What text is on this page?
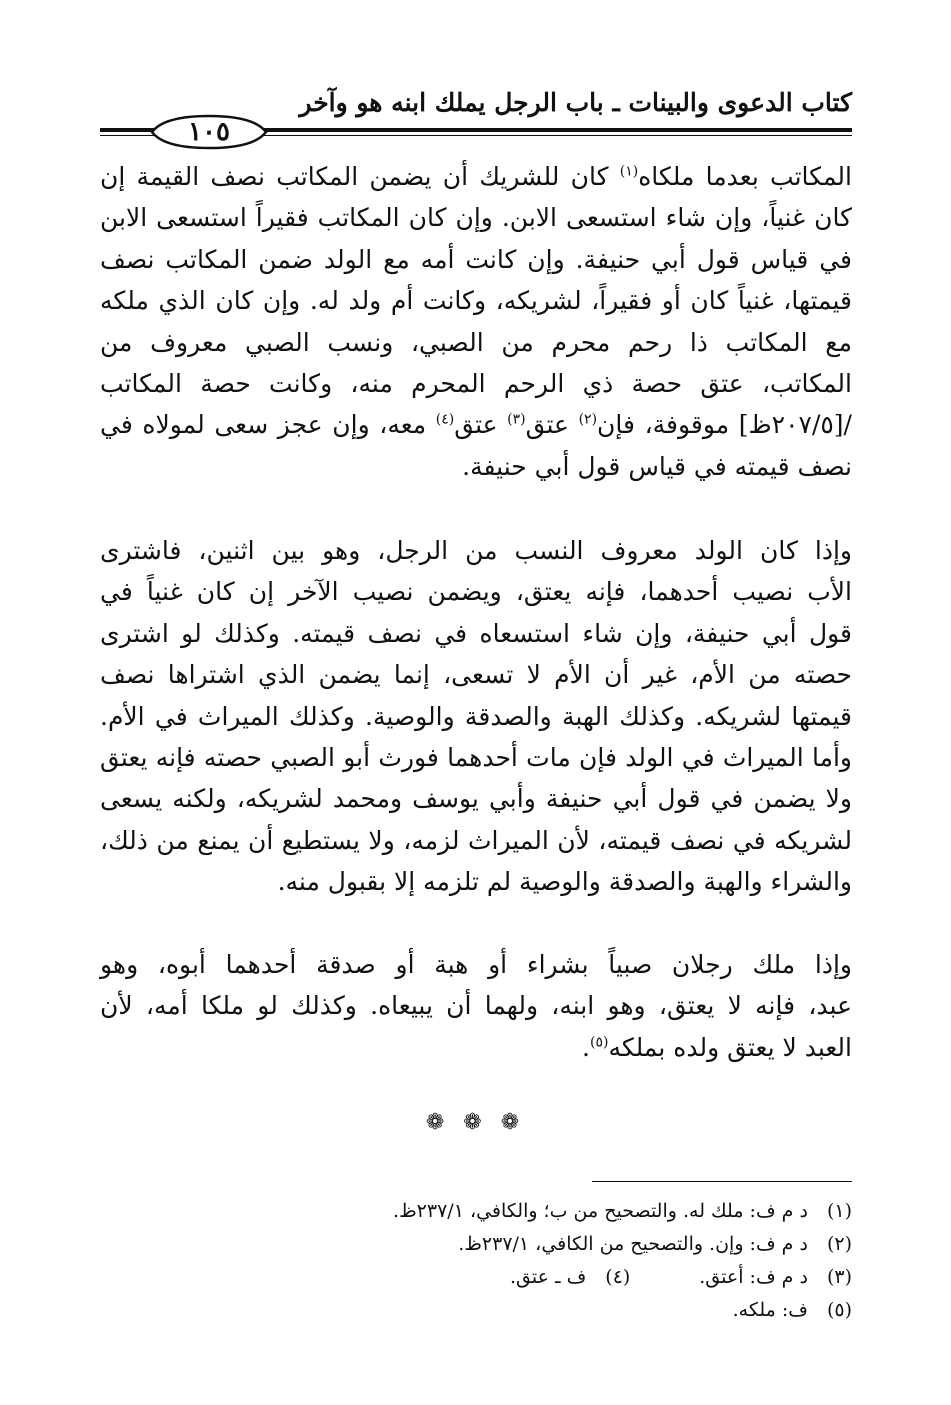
كتاب الدعوى والبينات ـ باب الرجل يملك ابنه هو وآخر
١٠٥
المكاتب بعدما ملكاه$^{(١)}$ كان للشريك أن يضمن المكاتب نصف القيمة إن
كان غنياً، وإن شاء استسعى الابن. وإن كان المكاتب فقيراً استسعى الابن
في قياس قول أبي حنيفة. وإن كانت أمه مع الولد ضمن المكاتب نصف
قيمتها، غنياً كان أو فقيراً، لشريكه، وكانت أم ولد له. وإن كان الذي ملكه
مع المكاتب ذا رحم محرم من الصبي، ونسب الصبي معروف من
المكاتب، عتق حصة ذي الرحم المحرم منه، وكانت حصة المكاتب
/[٢٠٧/٥ظ] موقوفة، فإن$^{(٢)}$ عتق$^{(٣)}$ عتق$^{(٤)}$ معه، وإن عجز سعى لمولاه في
نصف قيمته في قياس قول أبي حنيفة.
وإذا كان الولد معروف النسب من الرجل، وهو بين اثنين، فاشترى
الأب نصيب أحدهما، فإنه يعتق، ويضمن نصيب الآخر إن كان غنياً في
قول أبي حنيفة، وإن شاء استسعاه في نصف قيمته. وكذلك لو اشترى
حصته من الأم، غير أن الأم لا تسعى، إنما يضمن الذي اشتراها نصف
قيمتها لشريكه. وكذلك الهبة والصدقة والوصية. وكذلك الميراث في الأم.
وأما الميراث في الولد فإن مات أحدهما فورث أبو الصبي حصته فإنه يعتق
ولا يضمن في قول أبي حنيفة وأبي يوسف ومحمد لشريكه، ولكنه يسعى
لشريكه في نصف قيمته، لأن الميراث لزمه، ولا يستطيع أن يمنع من ذلك،
والشراء والهبة والصدقة والوصية لم تلزمه إلا بقبول منه.
وإذا ملك رجلان صبياً بشراء أو هبة أو صدقة أحدهما أبوه، وهو
عبد، فإنه لا يعتق، وهو ابنه، ولهما أن يبيعاه. وكذلك لو ملكا أمه، لأن
العبد لا يعتق ولده بملكه$^{(٥)}$.
❁ ❁ ❁
(١) د م ف: ملك له. والتصحيح من ب؛ والكافي، ٢٣٧/١ظ.
(٢) د م ف: وإن. والتصحيح من الكافي، ٢٣٧/١ظ.
(٣) د م ف: أعتق.
(٤) ف ـ عتق.
(٥) ف: ملكه.
